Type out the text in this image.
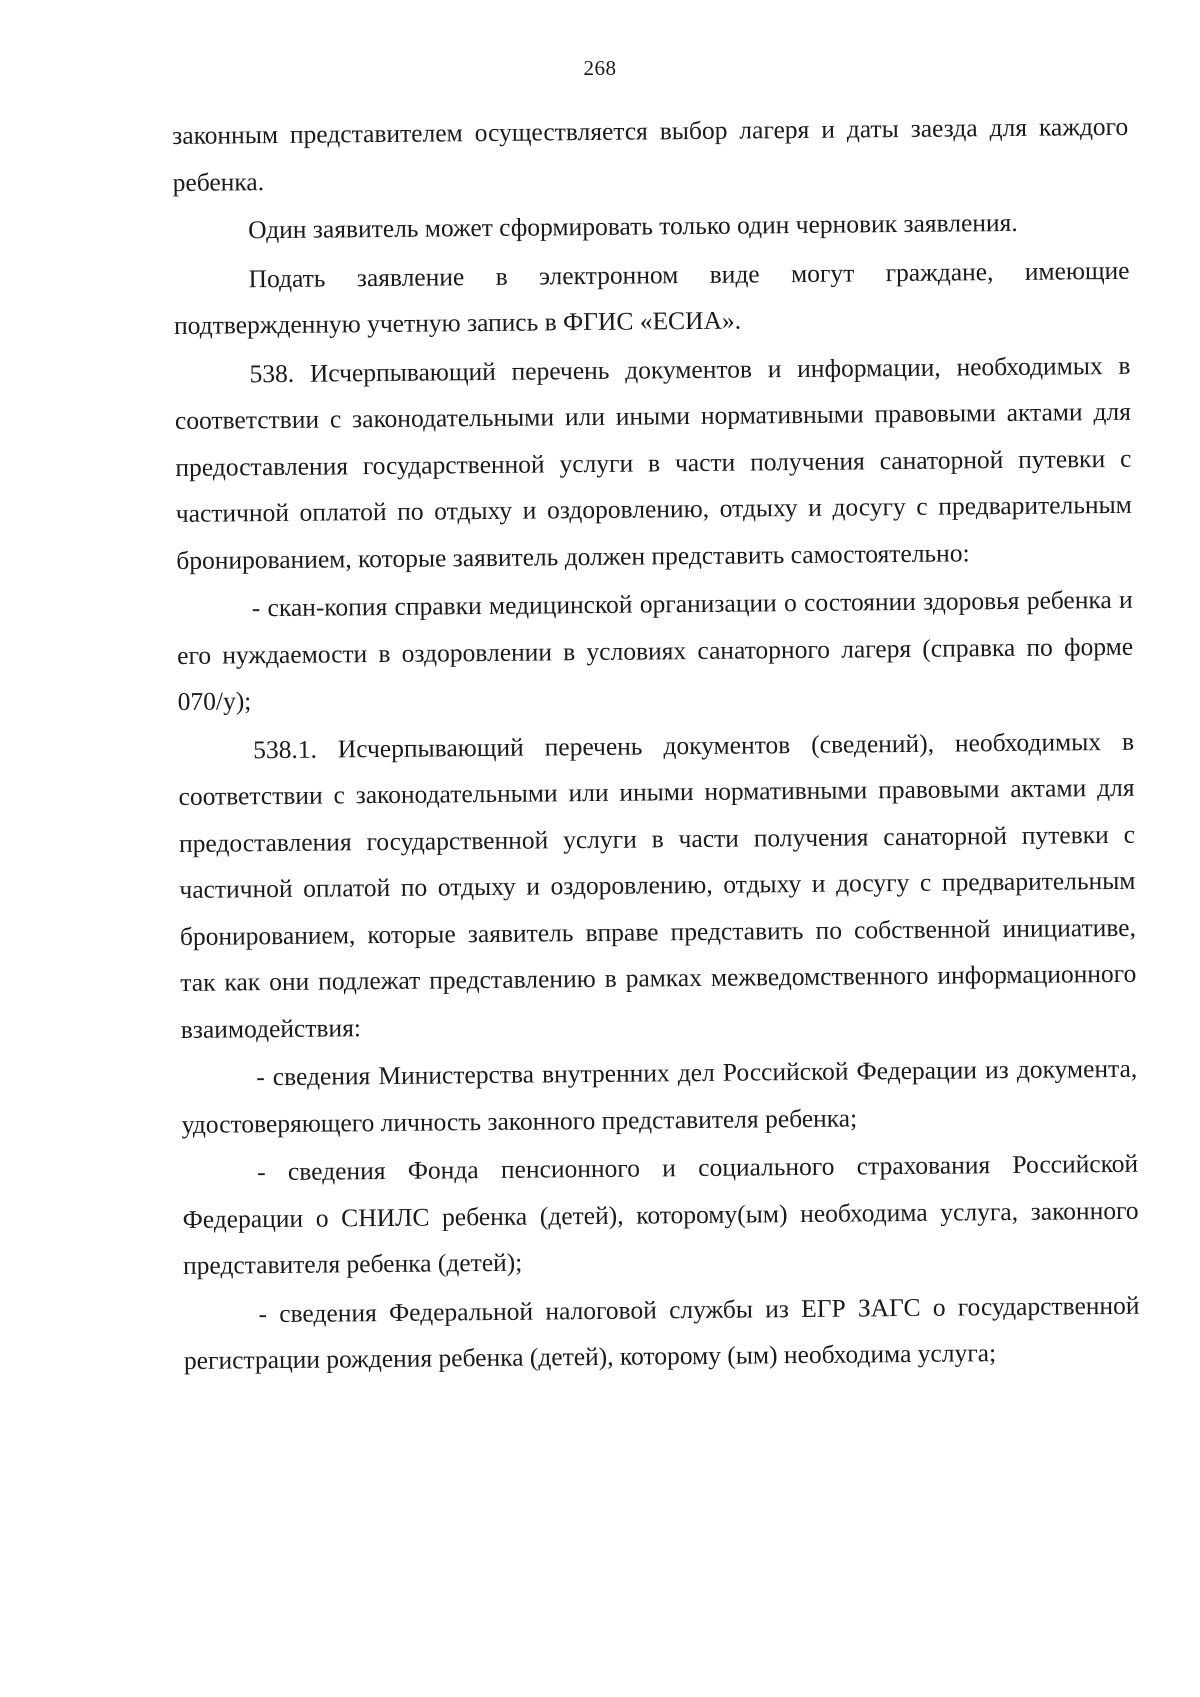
268

законным представителем осуществляется выбор лагеря и даты заезда для каждого ребенка.

Один заявитель может сформировать только один черновик заявления.

Подать заявление в электронном виде могут граждане, имеющие подтвержденную учетную запись в ФГИС «ЕСИА».

538. Исчерпывающий перечень документов и информации, необходимых в соответствии с законодательными или иными нормативными правовыми актами для предоставления государственной услуги в части получения санаторной путевки с частичной оплатой по отдыху и оздоровлению, отдыху и досугу с предварительным бронированием, которые заявитель должен представить самостоятельно:

- скан-копия справки медицинской организации о состоянии здоровья ребенка и его нуждаемости в оздоровлении в условиях санаторного лагеря (справка по форме 070/у);

538.1. Исчерпывающий перечень документов (сведений), необходимых в соответствии с законодательными или иными нормативными правовыми актами для предоставления государственной услуги в части получения санаторной путевки с частичной оплатой по отдыху и оздоровлению, отдыху и досугу с предварительным бронированием, которые заявитель вправе представить по собственной инициативе, так как они подлежат представлению в рамках межведомственного информационного взаимодействия:

- сведения Министерства внутренних дел Российской Федерации из документа, удостоверяющего личность законного представителя ребенка;

- сведения Фонда пенсионного и социального страхования Российской Федерации о СНИЛС ребенка (детей), которому(ым) необходима услуга, законного представителя ребенка (детей);

- сведения Федеральной налоговой службы из ЕГР ЗАГС о государственной регистрации рождения ребенка (детей), которому (ым) необходима услуга;
